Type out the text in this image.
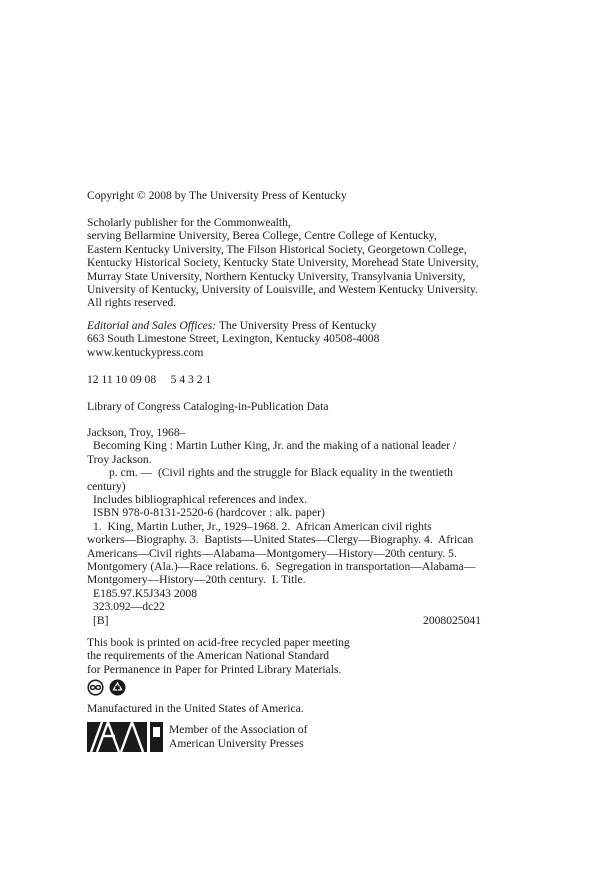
Copyright © 2008 by The University Press of Kentucky
Scholarly publisher for the Commonwealth,
serving Bellarmine University, Berea College, Centre College of Kentucky,
Eastern Kentucky University, The Filson Historical Society, Georgetown College,
Kentucky Historical Society, Kentucky State University, Morehead State University,
Murray State University, Northern Kentucky University, Transylvania University,
University of Kentucky, University of Louisville, and Western Kentucky University.
All rights reserved.
Editorial and Sales Offices: The University Press of Kentucky
663 South Limestone Street, Lexington, Kentucky 40508-4008
www.kentuckypress.com
12 11 10 09 08     5 4 3 2 1
Library of Congress Cataloging-in-Publication Data
Jackson, Troy, 1968–
Becoming King : Martin Luther King, Jr. and the making of a national leader /
Troy Jackson.
p. cm. —  (Civil rights and the struggle for Black equality in the twentieth
century)
Includes bibliographical references and index.
ISBN 978-0-8131-2520-6 (hardcover : alk. paper)
1.  King, Martin Luther, Jr., 1929–1968. 2.  African American civil rights
workers—Biography. 3.  Baptists—United States—Clergy—Biography. 4.  African
Americans—Civil rights—Alabama—Montgomery—History—20th century. 5.
Montgomery (Ala.)—Race relations. 6.  Segregation in transportation—Alabama—
Montgomery—History—20th century.  I. Title.
E185.97.K5J343 2008
323.092—dc22
[B]	2008025041
This book is printed on acid-free recycled paper meeting
the requirements of the American National Standard
for Permanence in Paper for Printed Library Materials.
Manufactured in the United States of America.
Member of the Association of
American University Presses
